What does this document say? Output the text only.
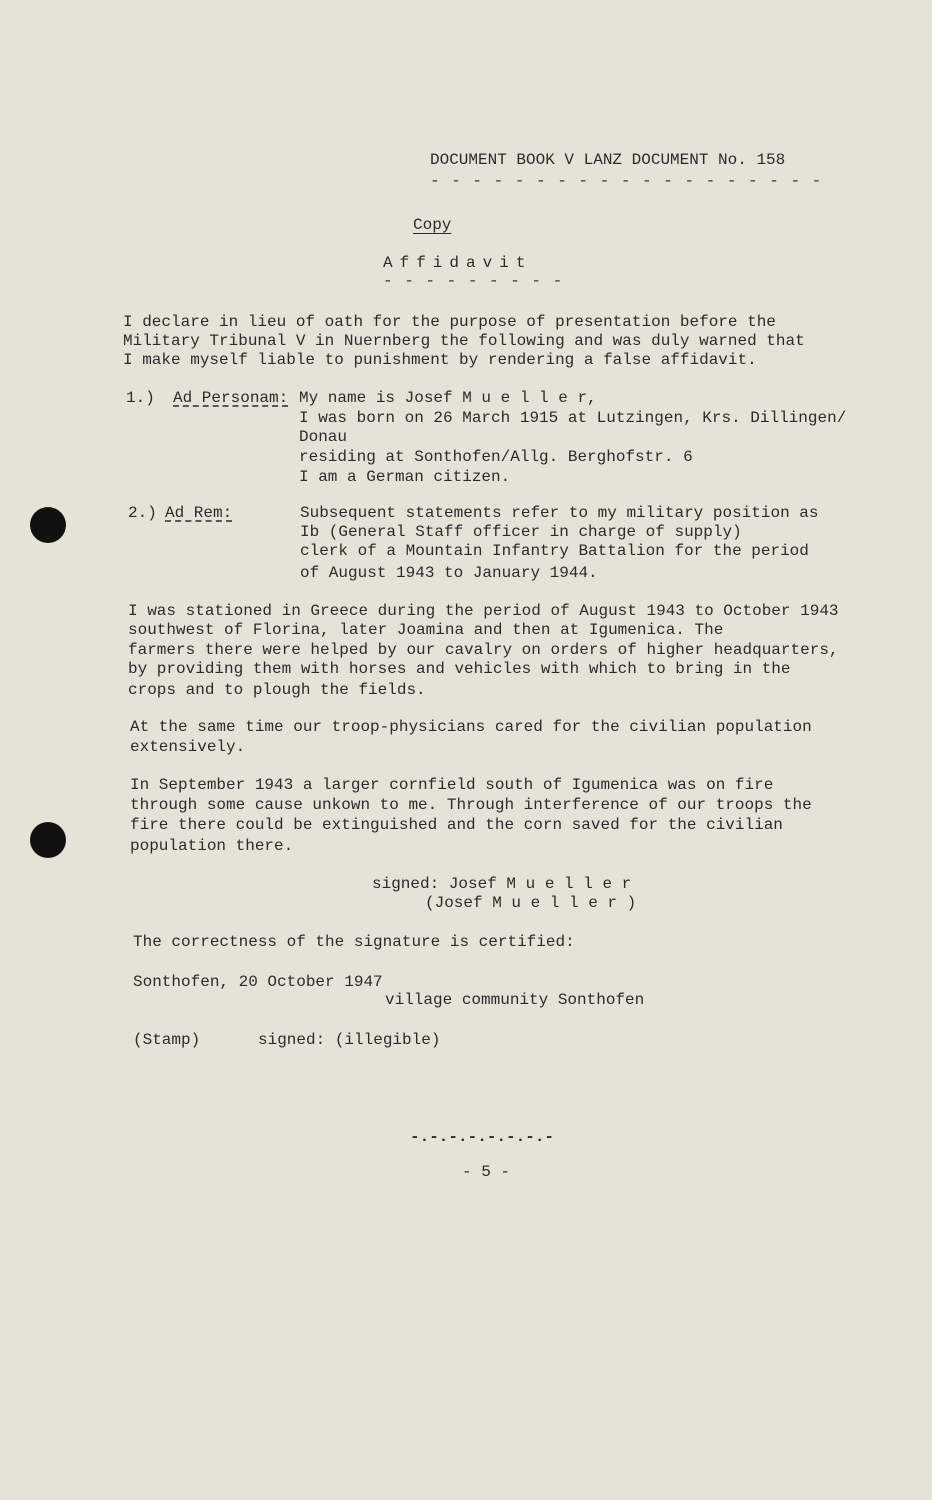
DOCUMENT BOOK V LANZ DOCUMENT No. 158
- - - - - - - - - - - - - - - - - - -
Copy
Affidavit
- - - - - - - - -
I declare in lieu of oath for the purpose of presentation before the
Military Tribunal V in Nuernberg the following and was duly warned that
I make myself liable to punishment by rendering a false affidavit.
1.) Ad Personam: My name is Josef M u e l l e r,
I was born on 26 March 1915 at Lutzingen, Krs. Dillingen/
Donau
residing at Sonthofen/Allg. Berghofstr. 6
I am a German citizen.
2.) Ad Rem:	Subsequent statements refer to my military position as
Ib (General Staff officer in charge of supply)
clerk of a Mountain Infantry Battalion for the period
of August 1943 to January 1944.
I was stationed in Greece during the period of August 1943 to October 1943
southwest of Florina, later Joamina and then at Igumenica. The
farmers there were helped by our cavalry on orders of higher headquarters,
by providing them with horses and vehicles with which to bring in the
crops and to plough the fields.
At the same time our troop-physicians cared for the civilian population
extensively.
In September 1943 a larger cornfield south of Igumenica was on fire
through some cause unkown to me. Through interference of our troops the
fire there could be extinguished and the corn saved for the civilian
population there.
signed: Josef M u e l l e r
(Josef M u e l l e r )
The correctness of the signature is certified:
Sonthofen, 20 October 1947
village community Sonthofen
(Stamp)	signed: (illegible)
-.-.-.-.-.-.-.-
- 5 -
